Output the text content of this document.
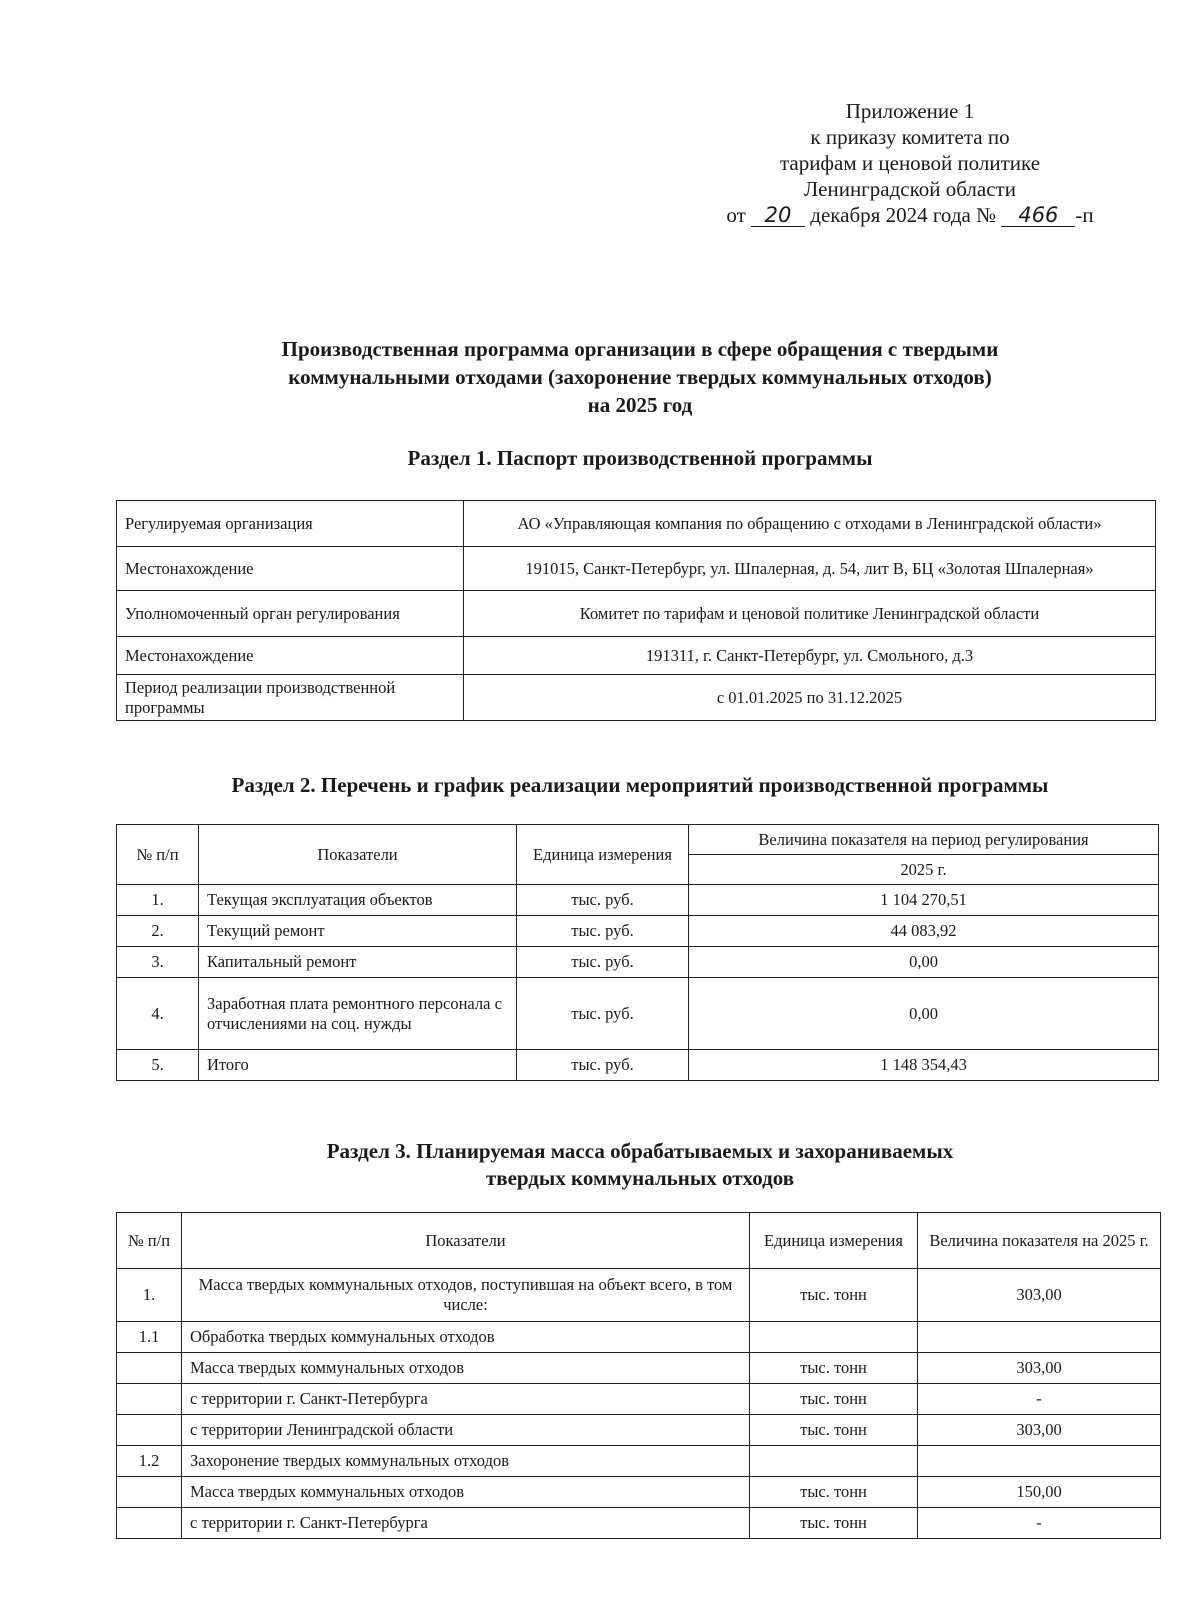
Приложение 1
к приказу комитета по
тарифам и ценовой политике
Ленинградской области
от 20 декабря 2024 года № 466 -п
Производственная программа организации в сфере обращения с твердыми
коммунальными отходами (захоронение твердых коммунальных отходов)
на 2025 год
Раздел 1. Паспорт производственной программы
Регулируемая организация	АО «Управляющая компания по обращению с отходами в Ленинградской области»
Местонахождение	191015, Санкт-Петербург, ул. Шпалерная, д. 54, лит В, БЦ «Золотая Шпалерная»
Уполномоченный орган регулирования	Комитет по тарифам и ценовой политике Ленинградской области
Местонахождение	191311, г. Санкт-Петербург, ул. Смольного, д.3
Период реализации производственной программы	с 01.01.2025 по 31.12.2025
Раздел 2. Перечень и график реализации мероприятий производственной программы
№ п/п	Показатели	Единица измерения	Величина показателя на период регулирования
			2025 г.
1.	Текущая эксплуатация объектов	тыс. руб.	1 104 270,51
2.	Текущий ремонт	тыс. руб.	44 083,92
3.	Капитальный ремонт	тыс. руб.	0,00
4.	Заработная плата ремонтного персонала с отчислениями на соц. нужды	тыс. руб.	0,00
5.	Итого	тыс. руб.	1 148 354,43
Раздел 3. Планируемая масса обрабатываемых и захораниваемых
твердых коммунальных отходов
№ п/п	Показатели	Единица измерения	Величина показателя на 2025 г.
1.	Масса твердых коммунальных отходов, поступившая на объект всего, в том числе:	тыс. тонн	303,00
1.1	Обработка твердых коммунальных отходов		
	Масса твердых коммунальных отходов	тыс. тонн	303,00
	с территории г. Санкт-Петербурга	тыс. тонн	-
	с территории Ленинградской области	тыс. тонн	303,00
1.2	Захоронение твердых коммунальных отходов		
	Масса твердых коммунальных отходов	тыс. тонн	150,00
	с территории г. Санкт-Петербурга	тыс. тонн	-
